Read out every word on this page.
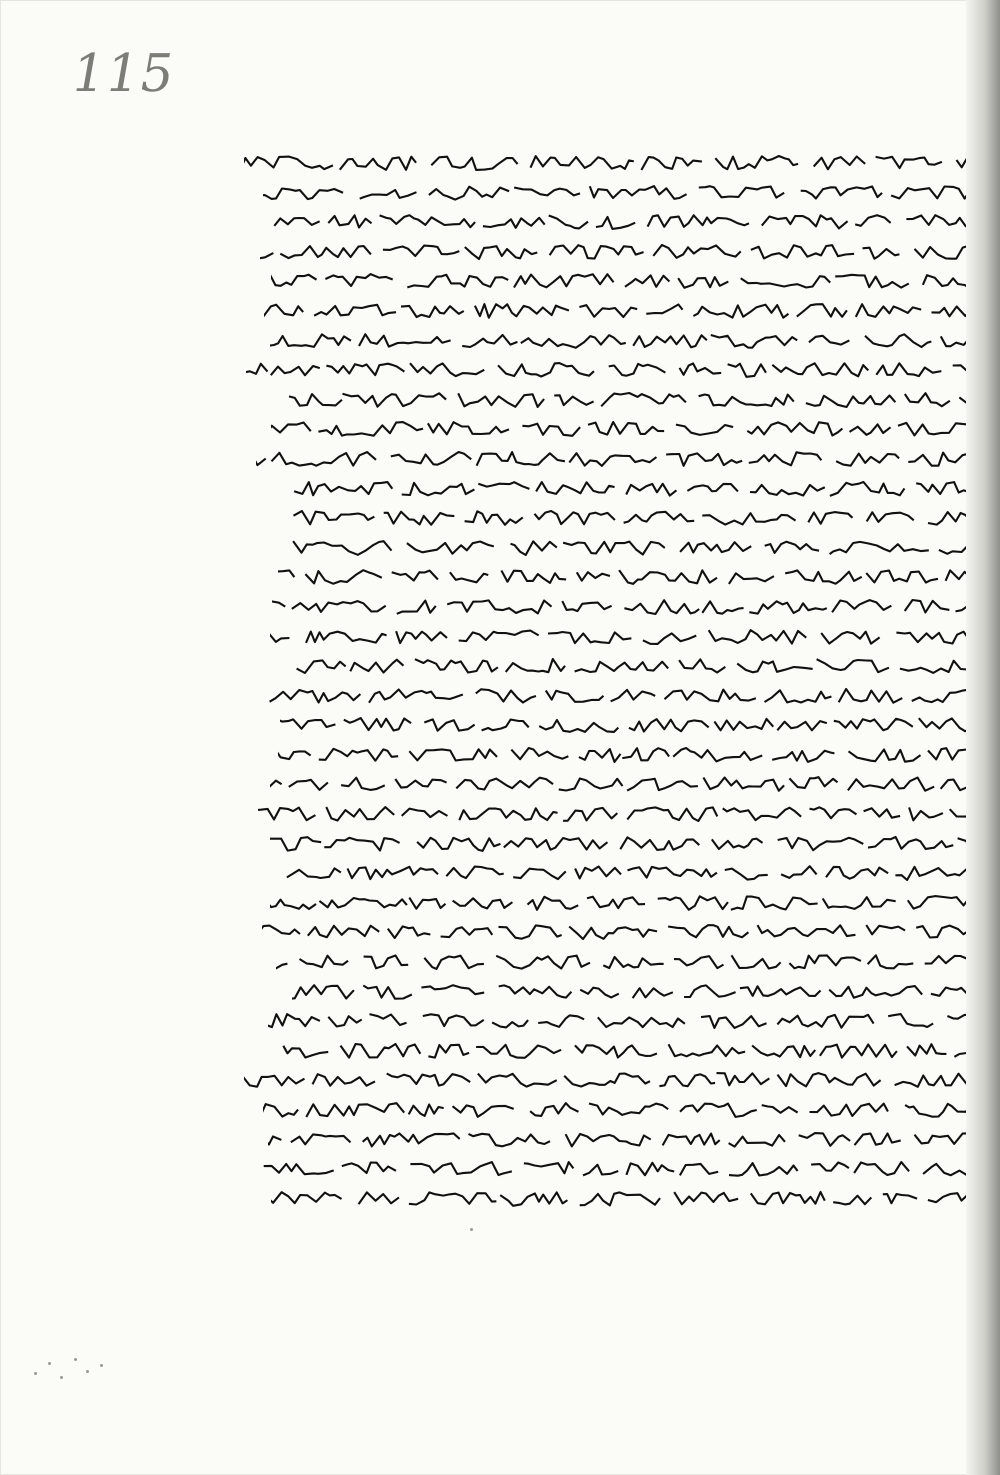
115
